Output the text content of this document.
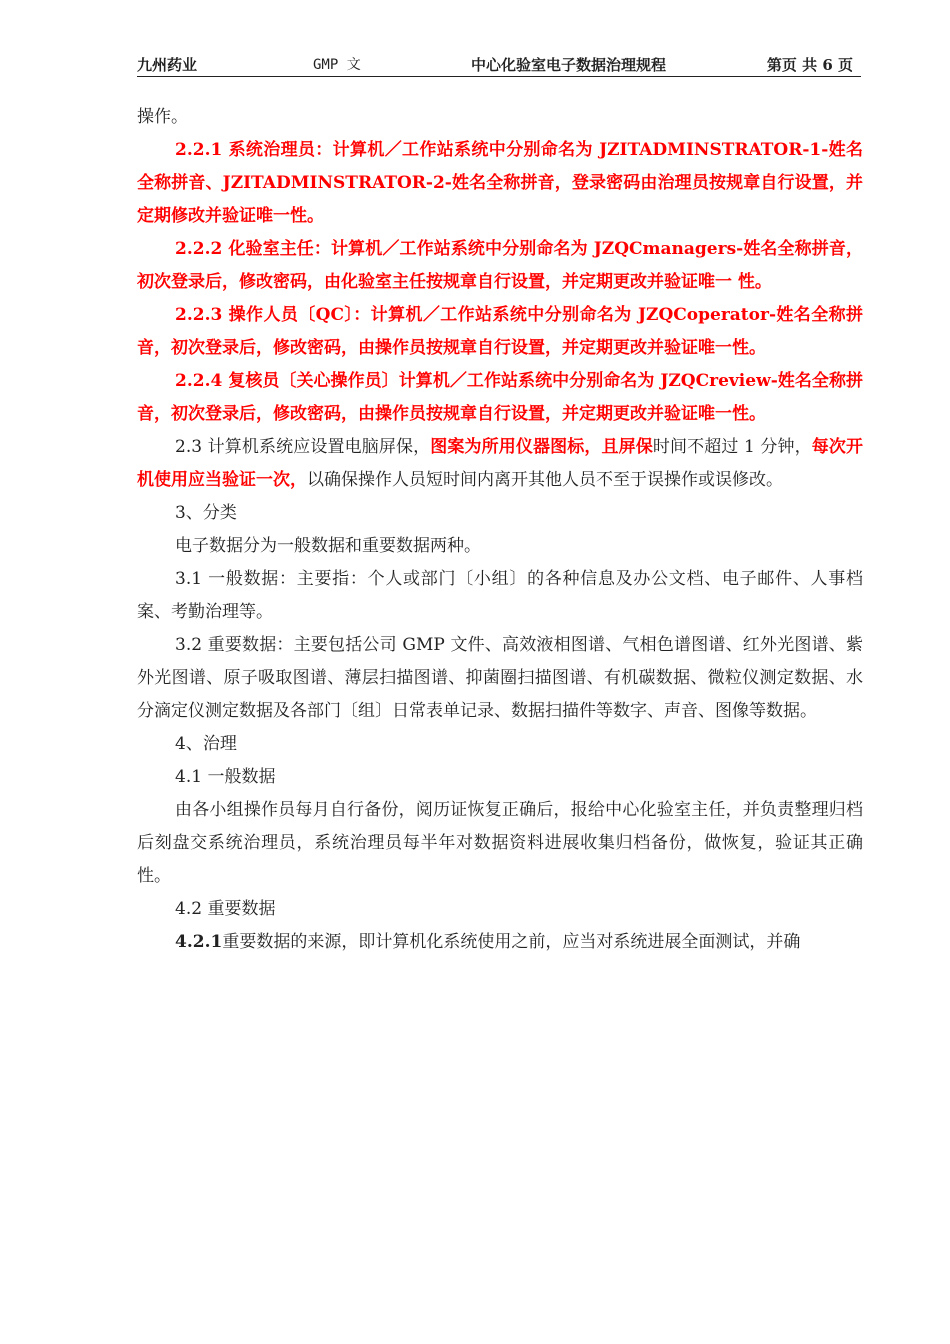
九州药业	GMP 文	中心化验室电子数据治理规程	第页 共 6 页

操作。

2.2.1 系统治理员：计算机／工作站系统中分别命名为 JZITADMINSTRATOR-1-姓名全称拼音、JZITADMINSTRATOR-2-姓名全称拼音，登录密码由治理员按规章自行设置，并定期修改并验证唯一性。

2.2.2 化验室主任：计算机／工作站系统中分别命名为 JZQCmanagers-姓名全称拼音，初次登录后，修改密码，由化验室主任按规章自行设置，并定期更改并验证唯一 性。

2.2.3 操作人员〔QC〕：计算机／工作站系统中分别命名为 JZQCoperator-姓名全称拼音，初次登录后，修改密码，由操作员按规章自行设置，并定期更改并验证唯一性。

2.2.4 复核员〔关心操作员〕计算机／工作站系统中分别命名为 JZQCreview-姓名全称拼音，初次登录后，修改密码，由操作员按规章自行设置，并定期更改并验证唯一性。

2.3 计算机系统应设置电脑屏保，图案为所用仪器图标，且屏保时间不超过 1 分钟，每次开机使用应当验证一次，以确保操作人员短时间内离开其他人员不至于误操作或误修改。

3、分类

电子数据分为一般数据和重要数据两种。

3.1 一般数据：主要指：个人或部门〔小组〕的各种信息及办公文档、电子邮件、人事档案、考勤治理等。

3.2 重要数据：主要包括公司 GMP 文件、高效液相图谱、气相色谱图谱、红外光图谱、紫外光图谱、原子吸取图谱、薄层扫描图谱、抑菌圈扫描图谱、有机碳数据、微粒仪测定数据、水分滴定仪测定数据及各部门〔组〕日常表单记录、数据扫描件等数字、声音、图像等数据。

4、治理

4.1 一般数据

由各小组操作员每月自行备份，阅历证恢复正确后，报给中心化验室主任，并负责整理归档后刻盘交系统治理员，系统治理员每半年对数据资料进展收集归档备份，做恢复，验证其正确性。

4.2 重要数据

4.2.1重要数据的来源，即计算机化系统使用之前，应当对系统进展全面测试，并确
